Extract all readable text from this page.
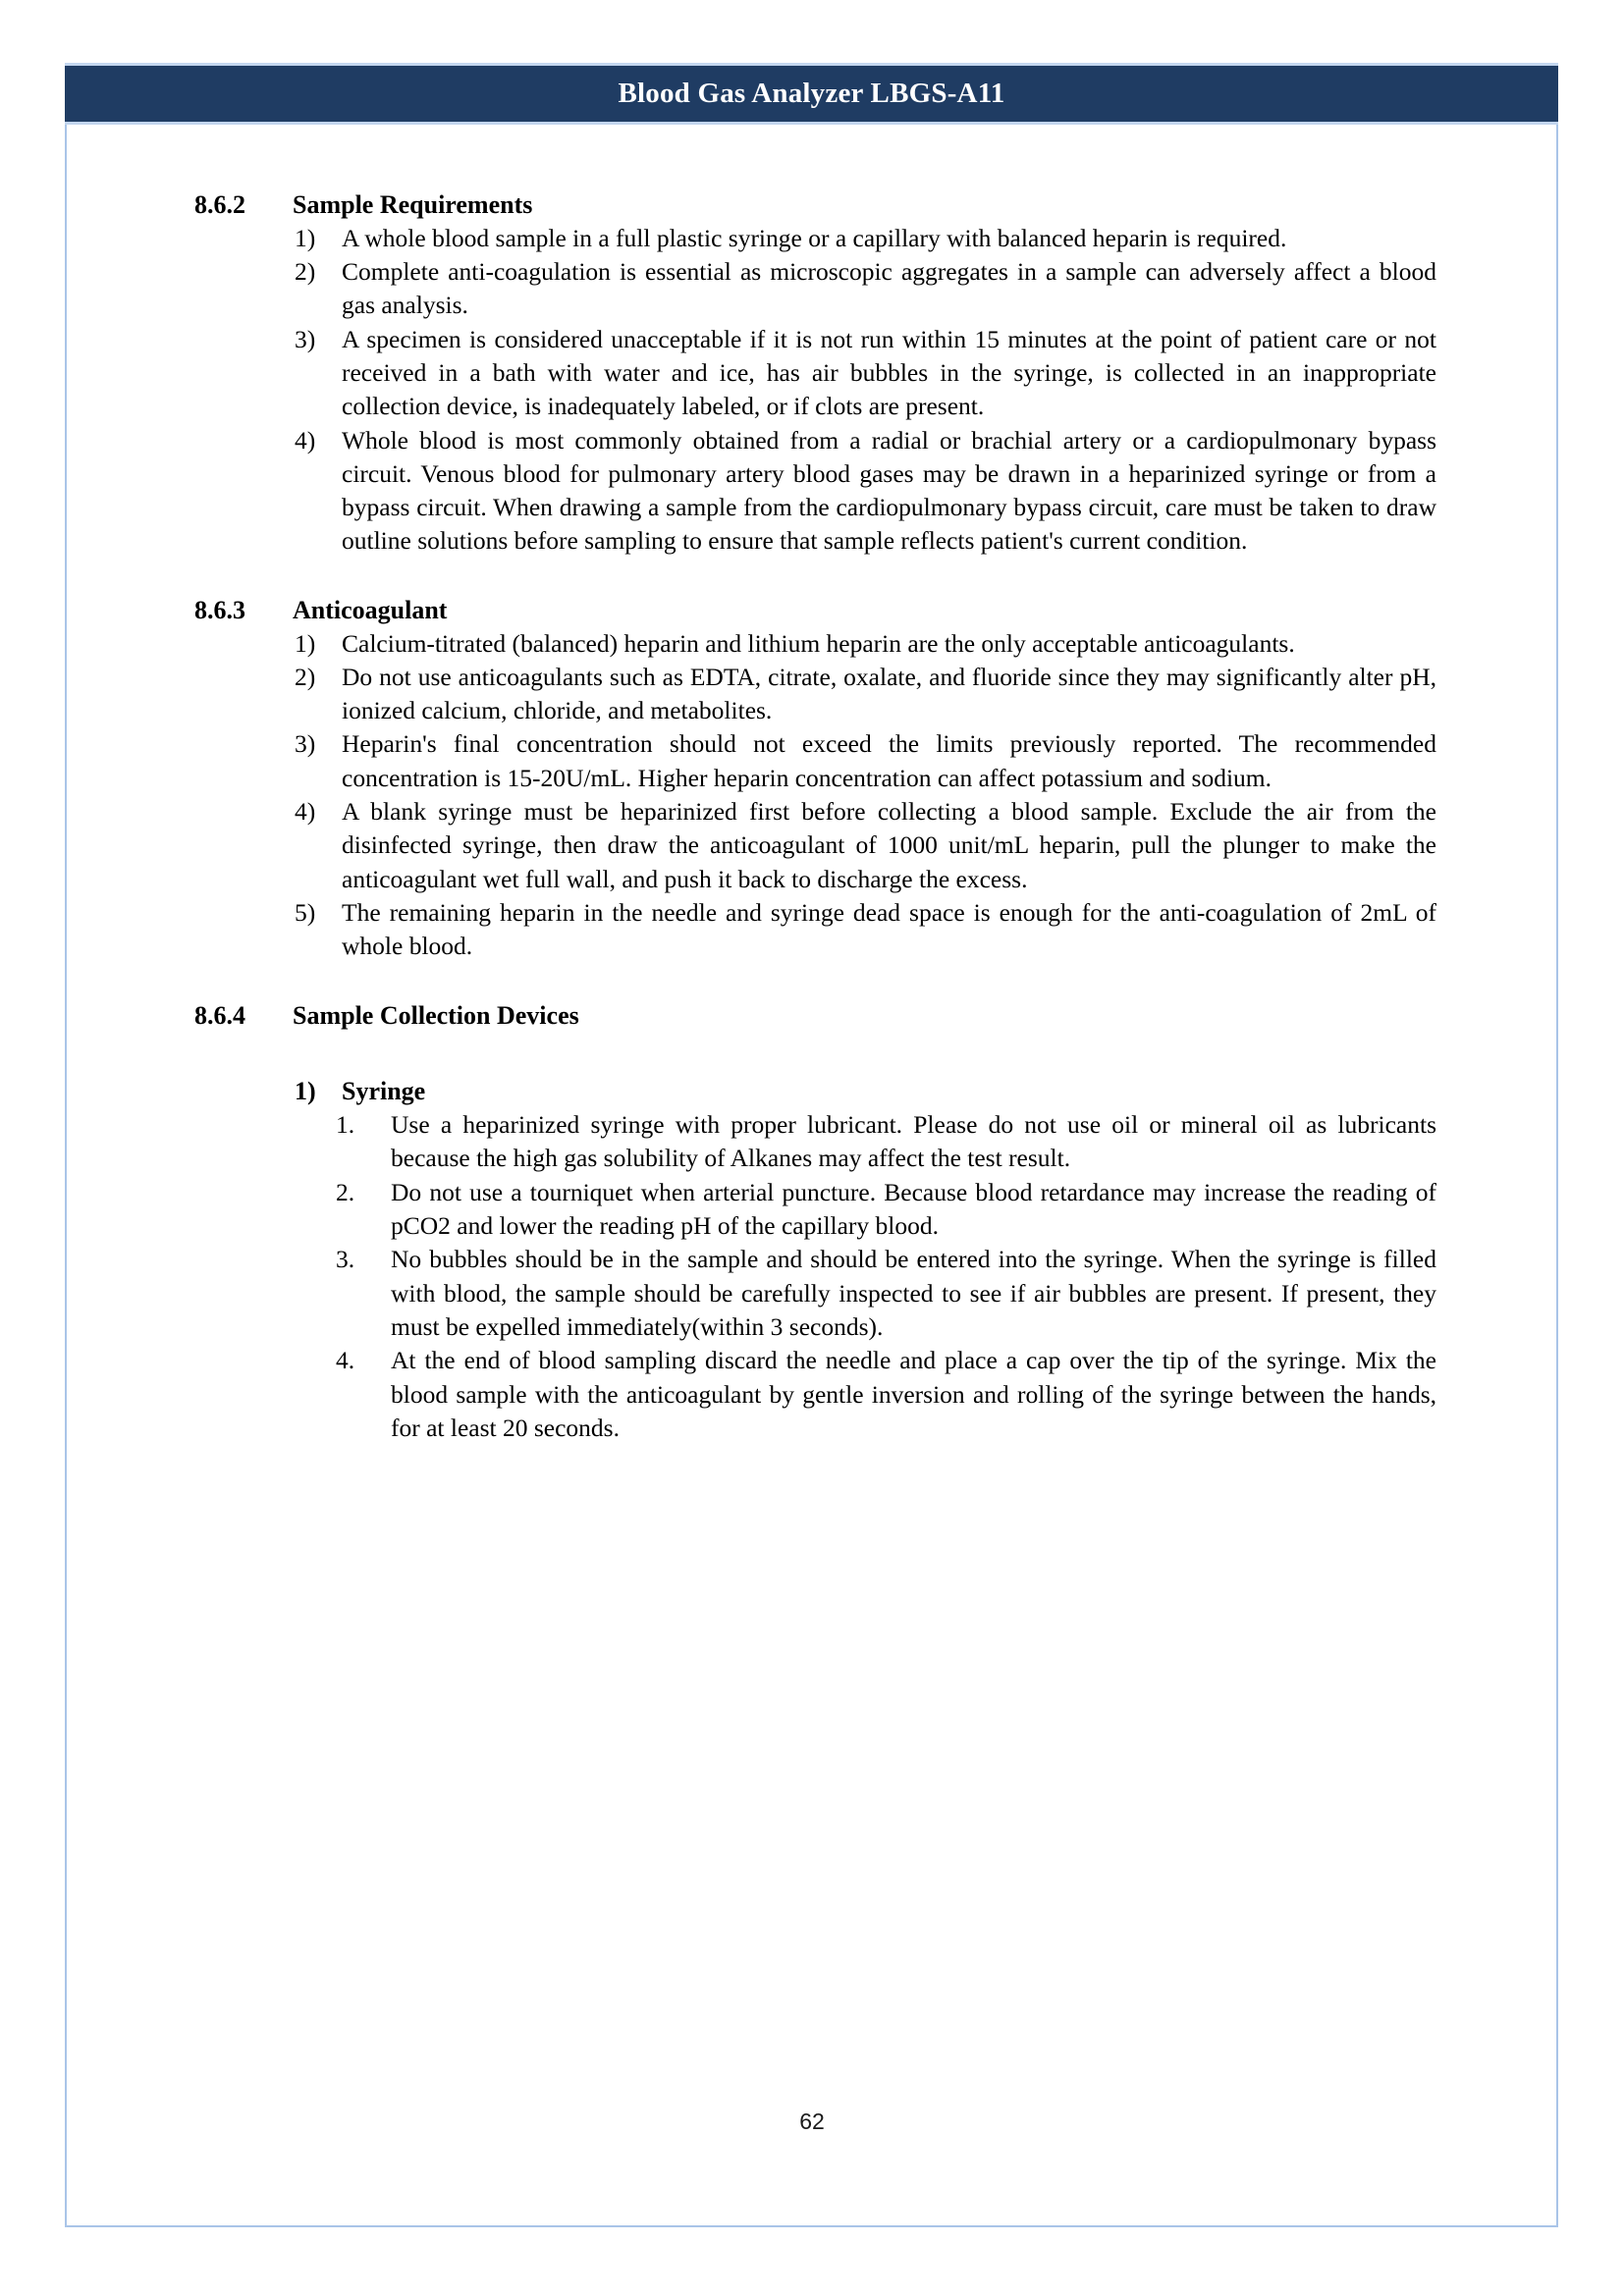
Blood Gas Analyzer LBGS-A11
8.6.2	Sample Requirements
1)	A whole blood sample in a full plastic syringe or a capillary with balanced heparin is required.
2)	Complete anti-coagulation is essential as microscopic aggregates in a sample can adversely affect a blood gas analysis.
3)	A specimen is considered unacceptable if it is not run within 15 minutes at the point of patient care or not received in a bath with water and ice, has air bubbles in the syringe, is collected in an inappropriate collection device, is inadequately labeled, or if clots are present.
4)	Whole blood is most commonly obtained from a radial or brachial artery or a cardiopulmonary bypass circuit. Venous blood for pulmonary artery blood gases may be drawn in a heparinized syringe or from a bypass circuit. When drawing a sample from the cardiopulmonary bypass circuit, care must be taken to draw outline solutions before sampling to ensure that sample reflects patient's current condition.
8.6.3	Anticoagulant
1)	Calcium-titrated (balanced) heparin and lithium heparin are the only acceptable anticoagulants.
2)	Do not use anticoagulants such as EDTA, citrate, oxalate, and fluoride since they may significantly alter pH, ionized calcium, chloride, and metabolites.
3)	Heparin's final concentration should not exceed the limits previously reported. The recommended concentration is 15-20U/mL. Higher heparin concentration can affect potassium and sodium.
4)	A blank syringe must be heparinized first before collecting a blood sample. Exclude the air from the disinfected syringe, then draw the anticoagulant of 1000 unit/mL heparin, pull the plunger to make the anticoagulant wet full wall, and push it back to discharge the excess.
5)	The remaining heparin in the needle and syringe dead space is enough for the anti-coagulation of 2mL of whole blood.
8.6.4	Sample Collection Devices
1)	Syringe
1.	Use a heparinized syringe with proper lubricant. Please do not use oil or mineral oil as lubricants because the high gas solubility of Alkanes may affect the test result.
2.	Do not use a tourniquet when arterial puncture. Because blood retardance may increase the reading of pCO2 and lower the reading pH of the capillary blood.
3.	No bubbles should be in the sample and should be entered into the syringe. When the syringe is filled with blood, the sample should be carefully inspected to see if air bubbles are present. If present, they must be expelled immediately(within 3 seconds).
4.	At the end of blood sampling discard the needle and place a cap over the tip of the syringe. Mix the blood sample with the anticoagulant by gentle inversion and rolling of the syringe between the hands, for at least 20 seconds.
62
